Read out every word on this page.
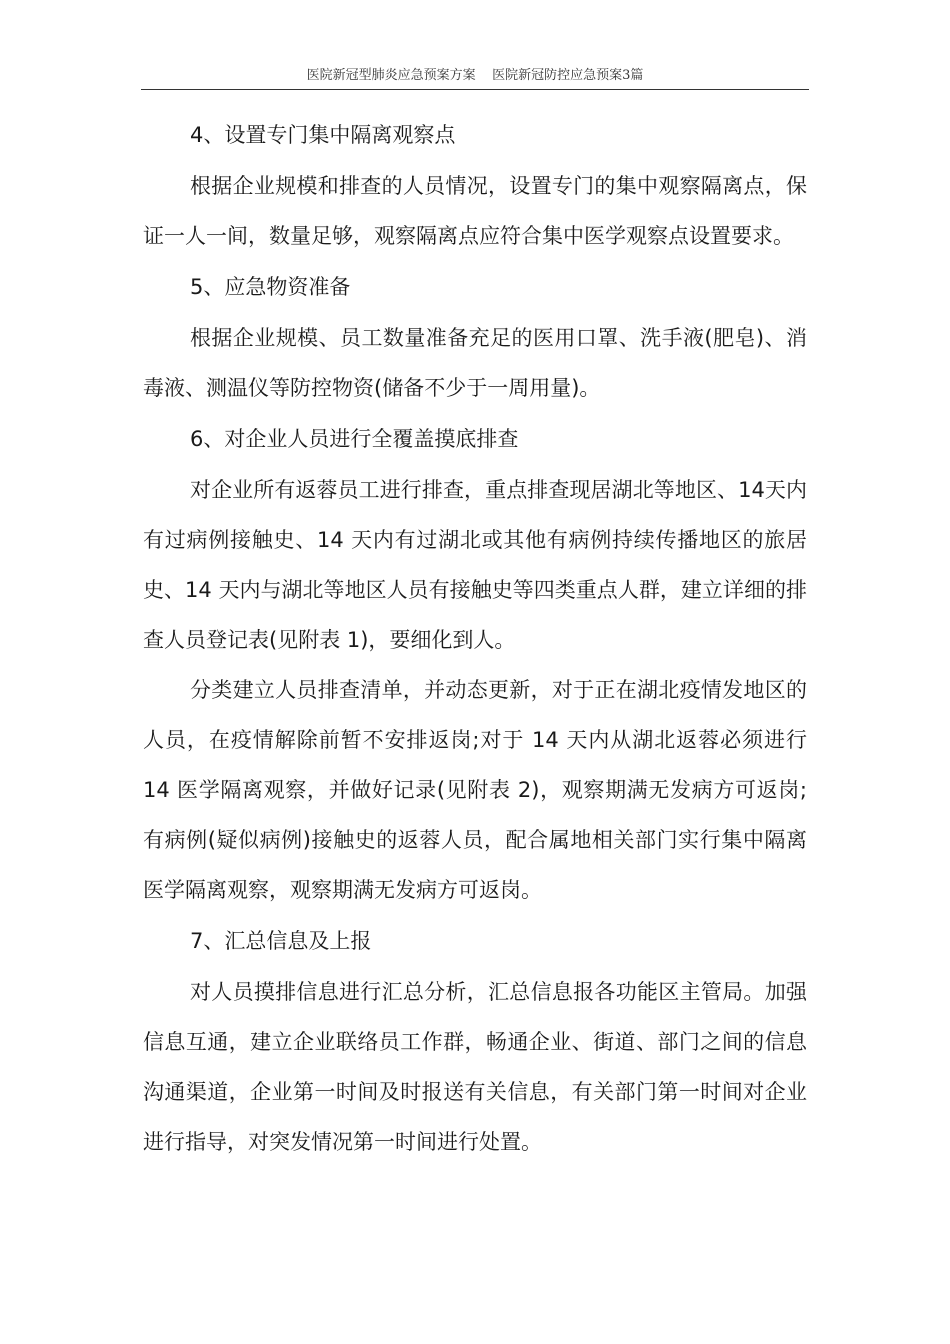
医院新冠型肺炎应急预案方案    医院新冠防控应急预案3篇

4、设置专门集中隔离观察点

根据企业规模和排查的人员情况，设置专门的集中观察隔离点，保证一人一间，数量足够，观察隔离点应符合集中医学观察点设置要求。

5、应急物资准备

根据企业规模、员工数量准备充足的医用口罩、洗手液(肥皂)、消毒液、测温仪等防控物资(储备不少于一周用量)。

6、对企业人员进行全覆盖摸底排查

对企业所有返蓉员工进行排查，重点排查现居湖北等地区、14天内有过病例接触史、14 天内有过湖北或其他有病例持续传播地区的旅居史、14 天内与湖北等地区人员有接触史等四类重点人群，建立详细的排查人员登记表(见附表 1)，要细化到人。

分类建立人员排查清单，并动态更新，对于正在湖北疫情发地区的人员，在疫情解除前暂不安排返岗;对于 14 天内从湖北返蓉必须进行 14 医学隔离观察，并做好记录(见附表 2)，观察期满无发病方可返岗;有病例(疑似病例)接触史的返蓉人员，配合属地相关部门实行集中隔离医学隔离观察，观察期满无发病方可返岗。

7、汇总信息及上报

对人员摸排信息进行汇总分析，汇总信息报各功能区主管局。加强信息互通，建立企业联络员工作群，畅通企业、街道、部门之间的信息沟通渠道，企业第一时间及时报送有关信息，有关部门第一时间对企业进行指导，对突发情况第一时间进行处置。
